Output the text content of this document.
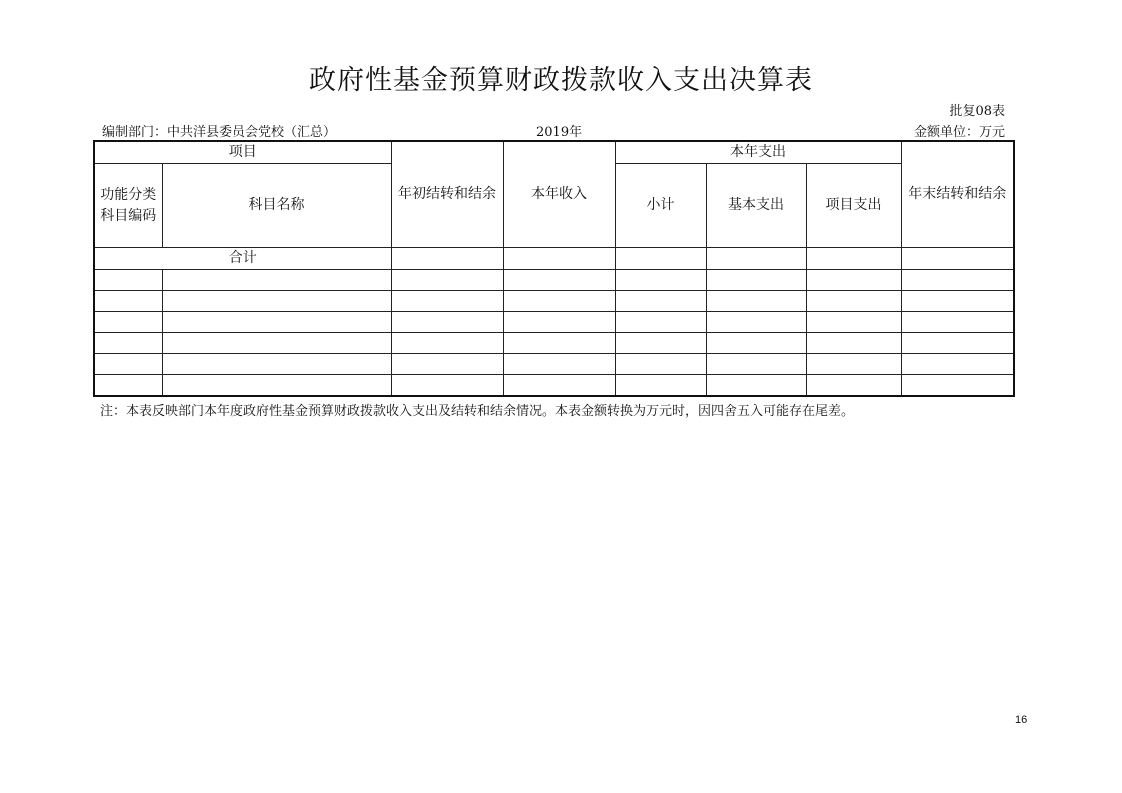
政府性基金预算财政拨款收入支出决算表
批复08表
编制部门：中共洋县委员会党校（汇总）	2019年	金额单位：万元
项目		年初结转和结余	本年收入	本年支出			年末结转和结余
功能分类科目编码	科目名称			小计	基本支出	项目支出	
合计							

注：本表反映部门本年度政府性基金预算财政拨款收入支出及结转和结余情况。本表金额转换为万元时，因四舍五入可能存在尾差。
16
